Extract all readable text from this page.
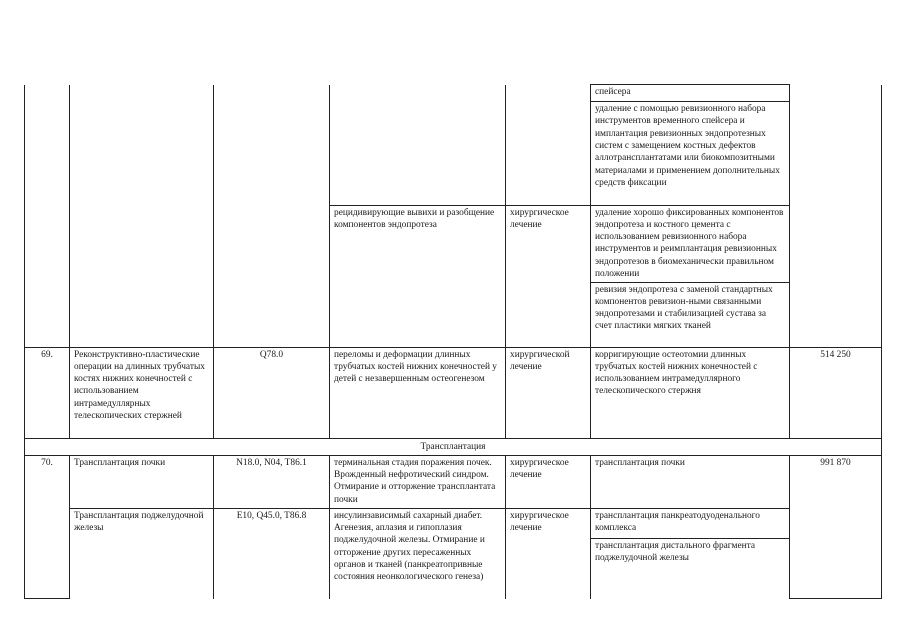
					спейсера	
					удаление с помощью ревизионного набора инструментов временного спейсера и имплантация ревизионных эндопротезных систем с замещением костных дефектов аллотрансплантатами или биокомпозитными материалами и применением дополнительных средств фиксации	
			рецидивирующие вывихи и разобщение компонентов эндопротеза	хирургическое лечение	удаление хорошо фиксированных компонентов эндопротеза и костного цемента с использованием ревизионного набора инструментов и реимплантация ревизионных эндопротезов в биомеханически правильном положении	
					ревизия эндопротеза с заменой стандартных компонентов ревизион-ными связанными эндопротезами и стабилизацией сустава за счет пластики мягких тканей	
69.	Реконструктивно-пластические операции на длинных трубчатых костях нижних конечностей с использованием интрамедуллярных телескопических стержней	Q78.0	переломы и деформации длинных трубчатых костей нижних конечностей у детей с незавершенным остеогенезом	хирургической лечение	корригирующие остеотомии длинных трубчатых костей нижних конечностей с использованием интрамедуллярного телескопического стержня	514 250
Трансплантация						
70.	Трансплантация почки	N18.0, N04, T86.1	терминальная стадия поражения почек. Врожденный нефротический синдром. Отмирание и отторжение трансплантата почки	хирургическое лечение	трансплантация почки	991 870
	Трансплантация поджелудочной железы	E10, Q45.0, T86.8	инсулинзависимый сахарный диабет. Агенезия, аплазия и гипоплазия поджелудочной железы. Отмирание и отторжение других пересаженных органов и тканей (панкреатопривные состояния неонкологического генеза)	хирургическое лечение	трансплантация панкреатодуоденального комплекса	
					трансплантация дистального фрагмента поджелудочной железы	
